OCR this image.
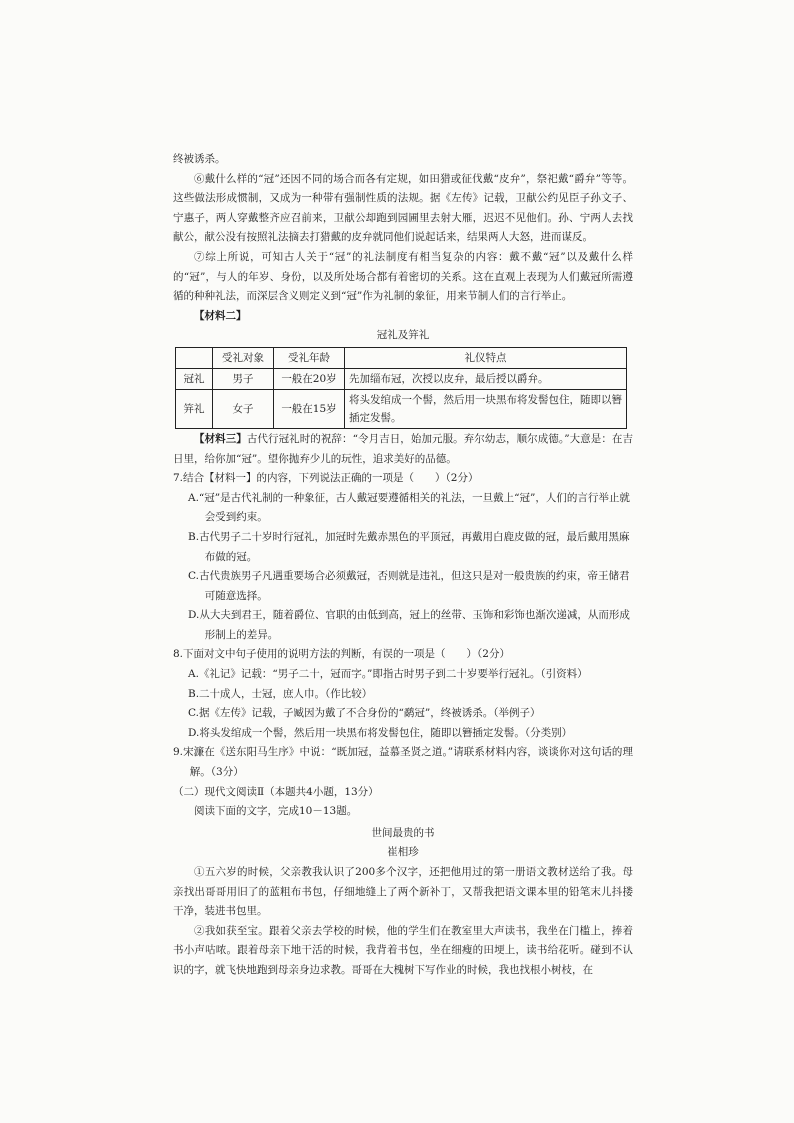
终被诱杀。

⑥戴什么样的“冠”还因不同的场合而各有定规，如田猎或征伐戴“皮弁”，祭祀戴“爵弁”等等。这些做法形成惯制，又成为一种带有强制性质的法规。据《左传》记载，卫献公约见臣子孙文子、宁惠子，两人穿戴整齐应召前来，卫献公却跑到园圃里去射大雁，迟迟不见他们。孙、宁两人去找献公，献公没有按照礼法摘去打猎戴的皮弁就同他们说起话来，结果两人大怒，进而谋反。

⑦综上所说，可知古人关于“冠”的礼法制度有相当复杂的内容：戴不戴“冠”以及戴什么样的“冠”，与人的年岁、身份，以及所处场合都有着密切的关系。这在直观上表现为人们戴冠所需遵循的种种礼法，而深层含义则定义到“冠”作为礼制的象征，用来节制人们的言行举止。

【材料二】

冠礼及笄礼

	受礼对象	受礼年龄	礼仪特点
冠礼	男子	一般在20岁	先加缁布冠，次授以皮弁，最后授以爵弁。
笄礼	女子	一般在15岁	将头发绾成一个髻，然后用一块黑布将发髻包住，随即以簪插定发髻。

【材料三】古代行冠礼时的祝辞：“令月吉日，始加元服。弃尔幼志，顺尔成德。”大意是：在吉日里，给你加“冠”。望你抛弃少儿的玩性，追求美好的品德。

7.结合【材料一】的内容，下列说法正确的一项是（　　）（2分）

A.“冠”是古代礼制的一种象征，古人戴冠要遵循相关的礼法，一旦戴上“冠”，人们的言行举止就会受到约束。
B.古代男子二十岁时行冠礼，加冠时先戴赤黑色的平顶冠，再戴用白鹿皮做的冠，最后戴用黑麻布做的冠。
C.古代贵族男子凡遇重要场合必须戴冠，否则就是违礼，但这只是对一般贵族的约束，帝王储君可随意选择。
D.从大夫到君王，随着爵位、官职的由低到高，冠上的丝带、玉饰和彩饰也渐次递减，从而形成形制上的差异。

8.下面对文中句子使用的说明方法的判断，有误的一项是（　　）（2分）

A.《礼记》记载：“男子二十，冠而字。”即指古时男子到二十岁要举行冠礼。（引资料）
B.二十成人，士冠，庶人巾。（作比较）
C.据《左传》记载，子臧因为戴了不合身份的“鹬冠”，终被诱杀。（举例子）
D.将头发绾成一个髻，然后用一块黑布将发髻包住，随即以簪插定发髻。（分类别）

9.宋濂在《送东阳马生序》中说：“既加冠，益慕圣贤之道。”请联系材料内容，谈谈你对这句话的理解。（3分）

（二）现代文阅读Ⅱ（本题共4小题，13分）

阅读下面的文字，完成10－13题。

世间最贵的书

崔相珍

①五六岁的时候，父亲教我认识了200多个汉字，还把他用过的第一册语文教材送给了我。母亲找出哥哥用旧了的蓝粗布书包，仔细地缝上了两个新补丁，又帮我把语文课本里的铅笔末儿抖搂干净，装进书包里。

②我如获至宝。跟着父亲去学校的时候，他的学生们在教室里大声读书，我坐在门槛上，捧着书小声咕哝。跟着母亲下地干活的时候，我背着书包，坐在细瘦的田埂上，读书给花听。碰到不认识的字，就飞快地跑到母亲身边求教。哥哥在大槐树下写作业的时候，我也找根小树枝，在
